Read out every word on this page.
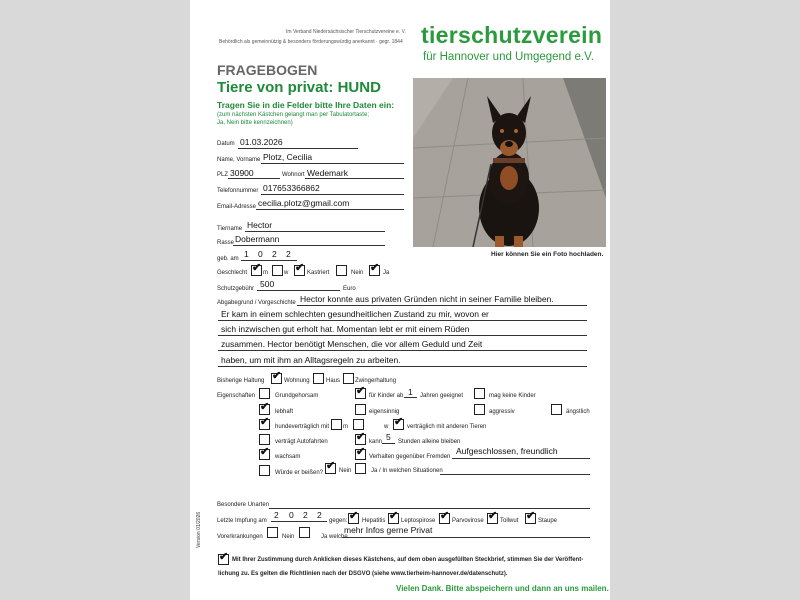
Im Verband Niedersächsischer Tierschutzvereine e. V.
Behördlich als gemeinnützig & besonders förderungswürdig anerkannt · gegr. 1844 tierschutzverein
für Hannover und Umgegend e.V.
FRAGEBOGEN
Tiere von privat: HUND
Tragen Sie in die Felder bitte Ihre Daten ein:
(zum nächsten Kästchen gelangt man per Tabulatortaste;
Ja, Nein bitte kennzeichnen)
Hier können Sie ein Foto hochladen.
Datum 01.03.2026
Name, Vorname Plotz, Cecilia
PLZ 30900	Wohnort Wedemark
Telefonnummer 017653366862
Email-Adresse cecilia.plotz@gmail.com
Tiername Hector
Rasse Dobermann
geb. am 1 0 2 2
Geschlecht ✔ m	w ✔ Kastriert	Nein ✔ Ja
Schutzgebühr 500	Euro
Abgabegrund / Vorgeschichte Hector konnte aus privaten Gründen nicht in seiner Familie bleiben.
Er kam in einem schlechten gesundheitlichen Zustand zu mir, wovon er
sich inzwischen gut erholt hat. Momentan lebt er mit einem Rüden
zusammen. Hector benötigt Menschen, die vor allem Geduld und Zeit
haben, um mit ihm an Alltagsregeln zu arbeiten.
Bisherige Haltung ✔ Wohnung	Haus Zwingerhaltung
Eigenschaften	Grundgehorsam	✔ für Kinder ab 1 Jahren geeignet	mag keine Kinder
✔ lebhaft	eigensinnig	aggressiv	ängstlich
✔ hundeverträglich mit m	w ✔ verträglich mit anderen Tieren
verträgt Autofahrten	✔ kann 5 Stunden alleine bleiben
✔ wachsam	✔ Verhalten gegenüber Fremden
Aufgeschlossen, freundlich
Würde er beißen?
✔ Nein	Ja / In welchen Situationen
Besondere Unarten
Letzte Impfung am
2 0 2 2
gegen: ✔ Hepatitis ✔ Leptospirose ✔ Parvovirose ✔ Tollwut ✔ Staupe
Vorerkrankungen	Nein	Ja welche
mehr Infos gerne Privat
Version 01/2026
✔ Mit Ihrer Zustimmung durch Anklicken dieses Kästchens, auf dem oben ausgefüllten Steckbrief, stimmen Sie der Veröffent-
lichung zu. Es gelten die Richtlinien nach der DSGVO (siehe www.tierheim-hannover.de/datenschutz).
Vielen Dank. Bitte abspeichern und dann an uns mailen.
